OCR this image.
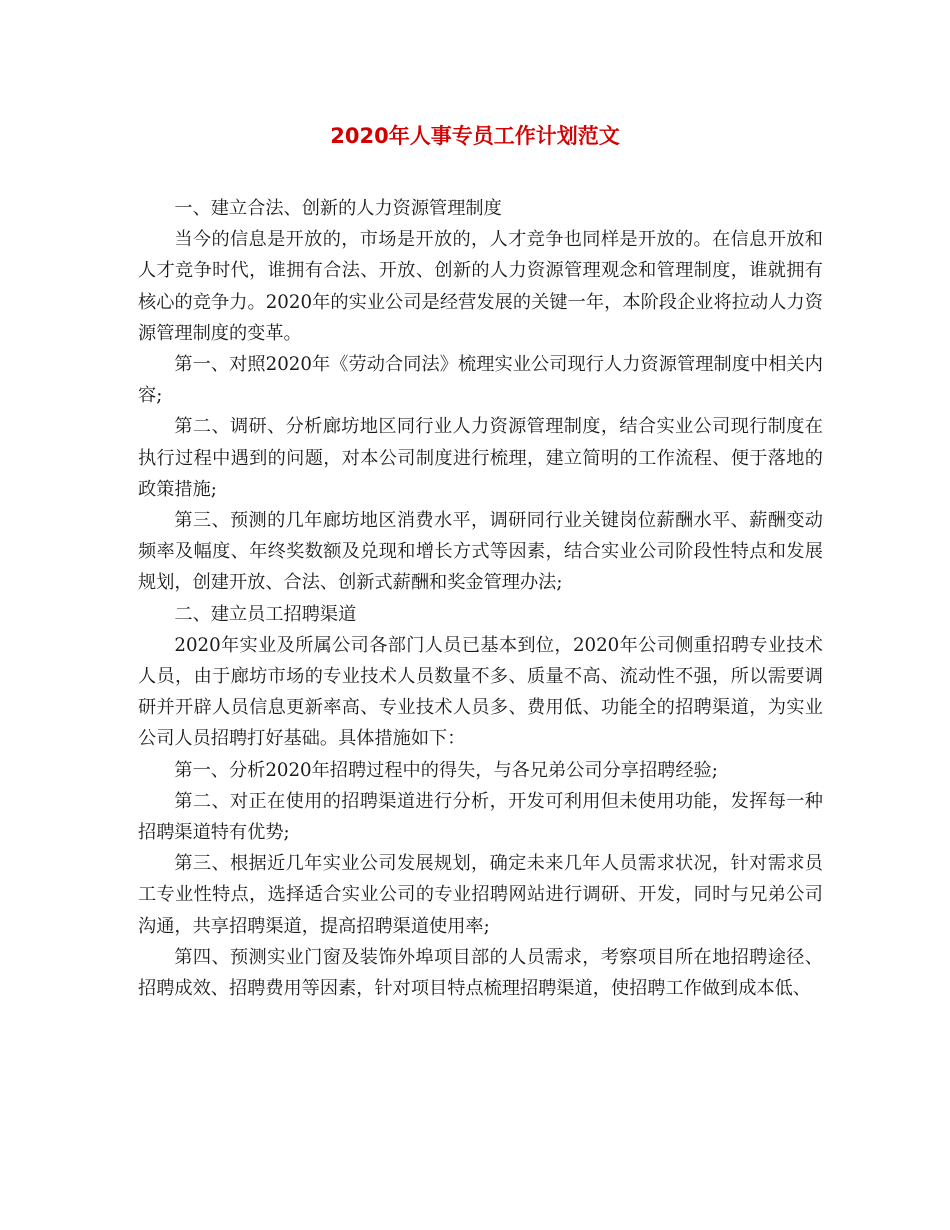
2020年人事专员工作计划范文

一、建立合法、创新的人力资源管理制度

当今的信息是开放的，市场是开放的，人才竞争也同样是开放的。在信息开放和人才竞争时代，谁拥有合法、开放、创新的人力资源管理观念和管理制度，谁就拥有核心的竞争力。2020年的实业公司是经营发展的关键一年，本阶段企业将拉动人力资源管理制度的变革。

第一、对照2020年《劳动合同法》梳理实业公司现行人力资源管理制度中相关内容;

第二、调研、分析廊坊地区同行业人力资源管理制度，结合实业公司现行制度在执行过程中遇到的问题，对本公司制度进行梳理，建立简明的工作流程、便于落地的政策措施;

第三、预测的几年廊坊地区消费水平，调研同行业关键岗位薪酬水平、薪酬变动频率及幅度、年终奖数额及兑现和增长方式等因素，结合实业公司阶段性特点和发展规划，创建开放、合法、创新式薪酬和奖金管理办法;

二、建立员工招聘渠道

2020年实业及所属公司各部门人员已基本到位，2020年公司侧重招聘专业技术人员，由于廊坊市场的专业技术人员数量不多、质量不高、流动性不强，所以需要调研并开辟人员信息更新率高、专业技术人员多、费用低、功能全的招聘渠道，为实业公司人员招聘打好基础。具体措施如下：

第一、分析2020年招聘过程中的得失，与各兄弟公司分享招聘经验;

第二、对正在使用的招聘渠道进行分析，开发可利用但未使用功能，发挥每一种招聘渠道特有优势;

第三、根据近几年实业公司发展规划，确定未来几年人员需求状况，针对需求员工专业性特点，选择适合实业公司的专业招聘网站进行调研、开发，同时与兄弟公司沟通，共享招聘渠道，提高招聘渠道使用率;

第四、预测实业门窗及装饰外埠项目部的人员需求，考察项目所在地招聘途径、招聘成效、招聘费用等因素，针对项目特点梳理招聘渠道，使招聘工作做到成本低、
